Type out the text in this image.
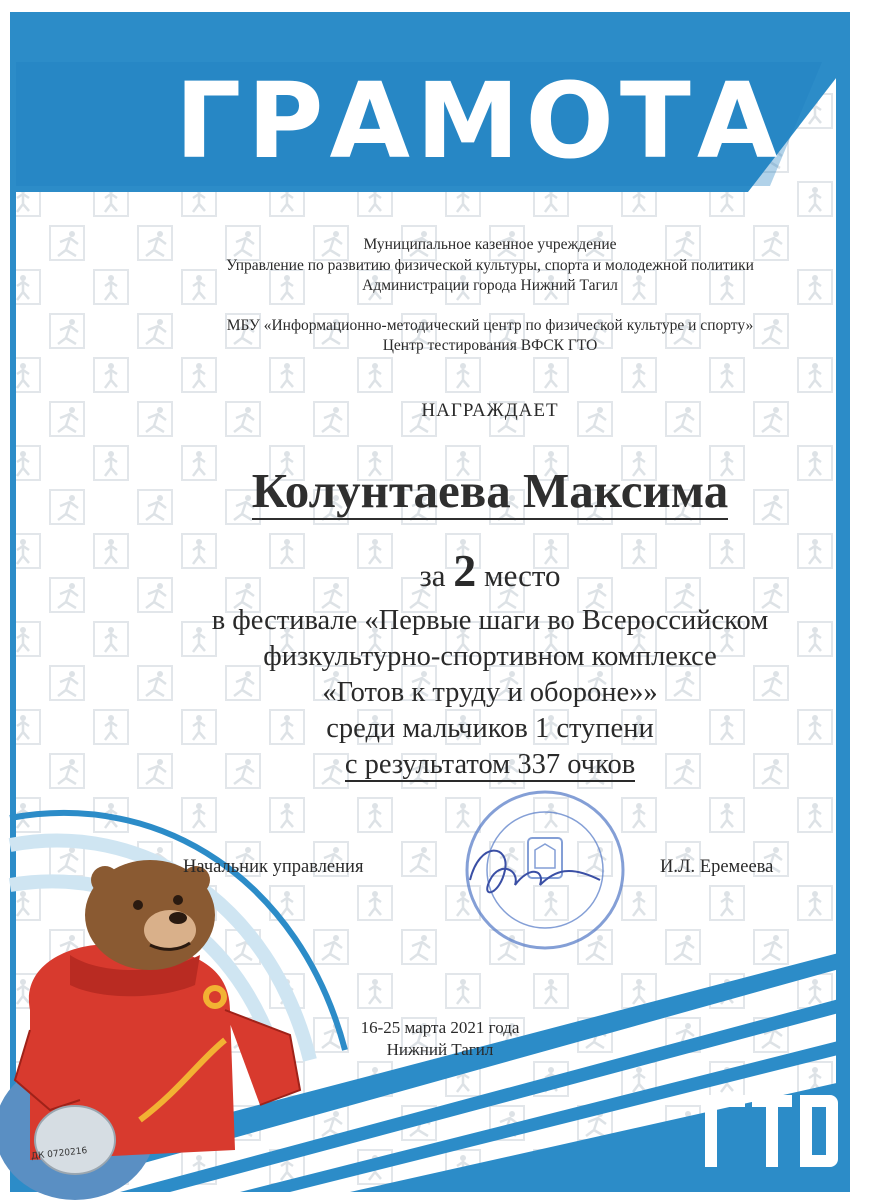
ГРАМОТА
Муниципальное казенное учреждение
Управление по развитию физической культуры, спорта и молодежной политики
Администрации города Нижний Тагил
МБУ «Информационно-методический центр по физической культуре и спорту»
Центр тестирования ВФСК ГТО
НАГРАЖДАЕТ
Колунтаева Максима
за 2 место
в фестивале «Первые шаги во Всероссийском
физкультурно-спортивном комплексе
«Готов к труду и обороне»»
среди мальчиков 1 ступени
с результатом 337 очков
Начальник управления	И.Л. Еремеева
16-25 марта 2021 года
Нижний Тагил
ДК 0720216
